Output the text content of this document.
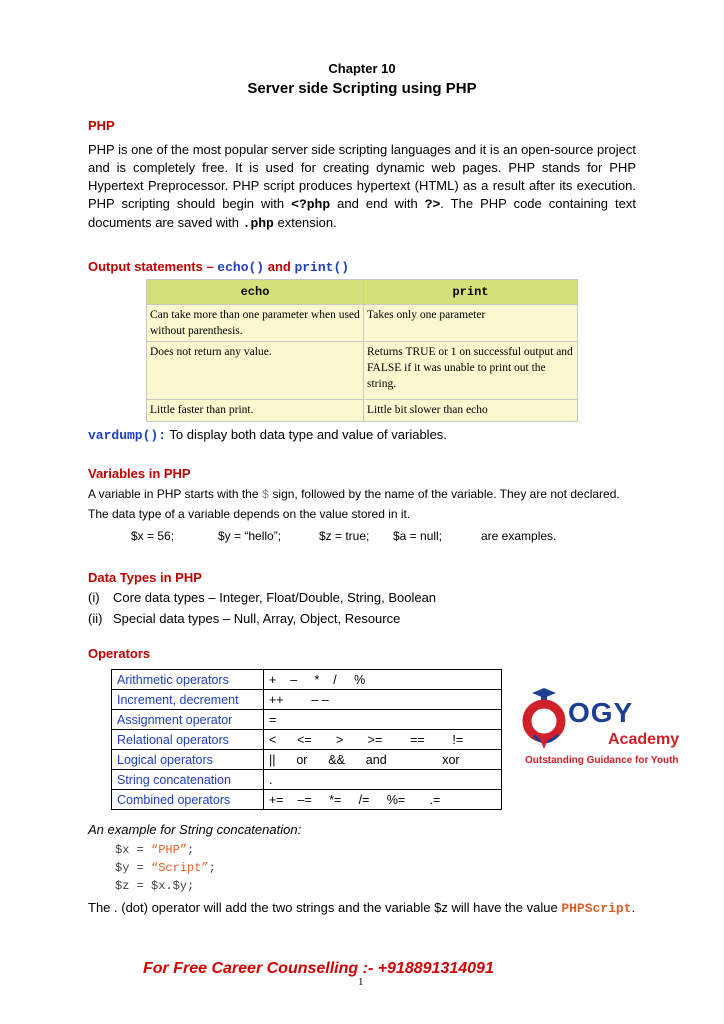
Chapter 10
Server side Scripting using PHP
PHP
PHP is one of the most popular server side scripting languages and it is an open-source project and is completely free. It is used for creating dynamic web pages. PHP stands for PHP Hypertext Preprocessor. PHP script produces hypertext (HTML) as a result after its execution. PHP scripting should begin with <?php and end with ?>. The PHP code containing text documents are saved with .php extension.
Output statements – echo() and print()
echo	print
Can take more than one parameter when used without parenthesis.	Takes only one parameter
Does not return any value.	Returns TRUE or 1 on successful output and FALSE if it was unable to print out the string.
Little faster than print.	Little bit slower than echo
vardump(): To display both data type and value of variables.
Variables in PHP
A variable in PHP starts with the $ sign, followed by the name of the variable. They are not declared.
The data type of a variable depends on the value stored in it.
$x = 56;	$y = “hello”;	$z = true; $a = null;	are examples.
Data Types in PHP
(i) Core data types – Integer, Float/Double, String, Boolean
(ii) Special data types – Null, Array, Object, Resource
Operators
Arithmetic operators	+    –     *    /     %
Increment, decrement	++        – –
Assignment operator	=
Relational operators	<      <=       >       >=        ==        !=
Logical operators	||      or      &&      and                xor
String concatenation	.
Combined operators	+=    –=     *=     /=     %=       .=
OGY
Academy
Outstanding Guidance for Youth
An example for String concatenation:
$x = “PHP”;
$y = “Script”;
$z = $x.$y;
The . (dot) operator will add the two strings and the variable $z will have the value PHPScript.
For Free Career Counselling :- +918891314091
1
